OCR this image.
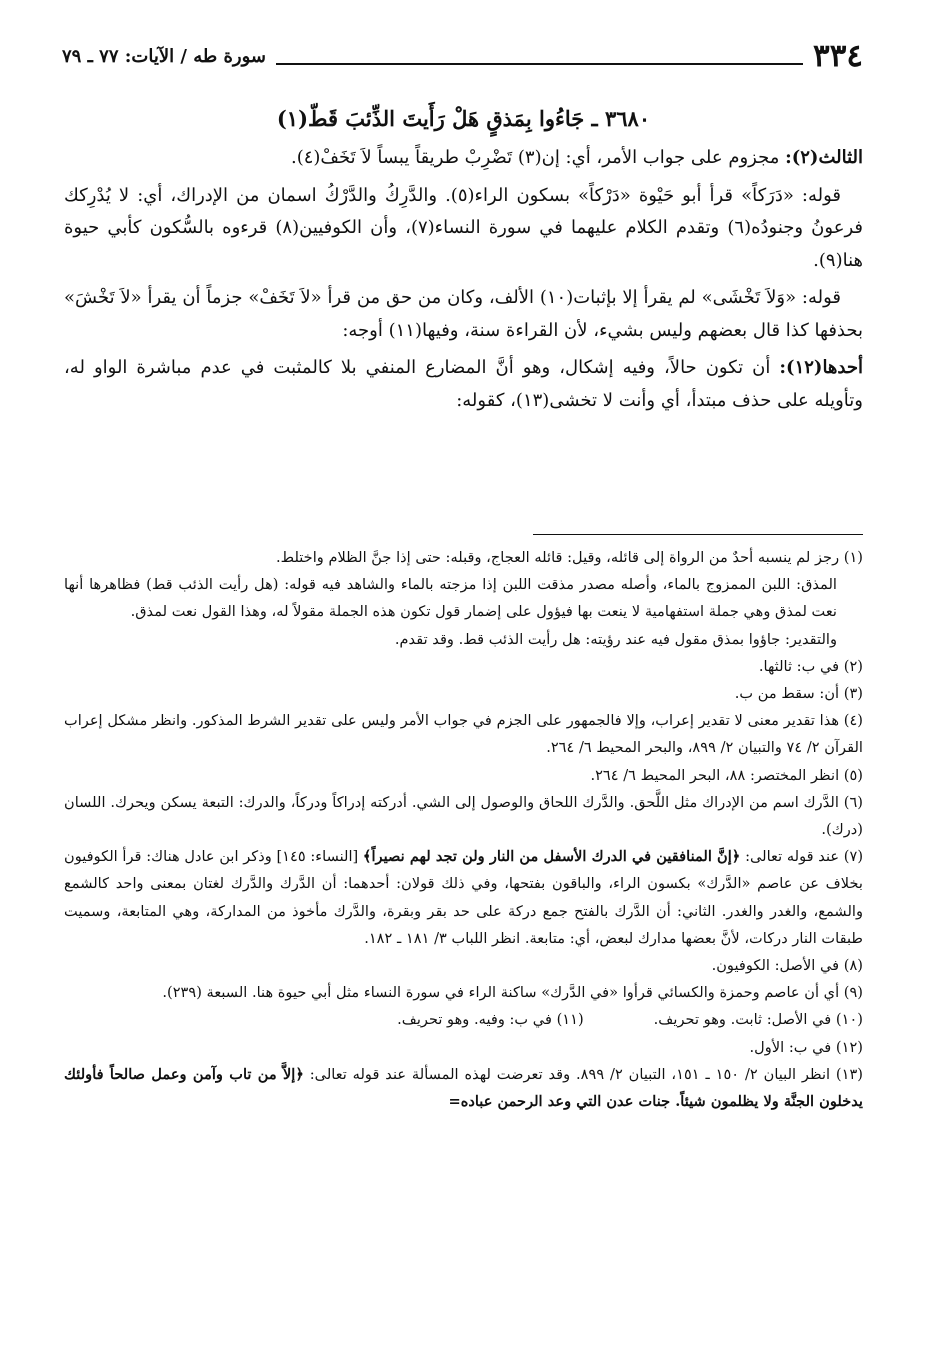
٣٣٤
سورة طه / الآيات: ٧٧ ـ ٧٩
٣٦٨٠ ـ جَاءُوا بِمَذقٍ هَلْ رَأَيتَ الذِّئبَ قَطّ(١)

الثالث(٢): مجزوم على جواب الأمر، أي: إن(٣) تَضْرِبْ طريقاً يبساً لاَ تَخَفْ(٤).

قوله: «دَرَكاً» قرأ أبو حَيْوة «دَرْكاً» بسكون الراء(٥). والدَّرِكُ والدَّرْكُ اسمان من الإدراك، أي: لا يُدْرِكك فرعونُ وجنودُه(٦) وتقدم الكلام عليهما في سورة النساء(٧)، وأن الكوفيين(٨) قرءوه بالسُّكون كأبي حيوة هنا(٩).

قوله: «وَلاَ تَخْشَى» لم يقرأ إلا بإثبات(١٠) الألف، وكان من حق من قرأ «لاَ تَخَفْ» جزماً أن يقرأ «لاَ تَخْشَ» بحذفها كذا قال بعضهم وليس بشيء، لأن القراءة سنة، وفيها(١١) أوجه:

أحدها(١٢): أن تكون حالاً، وفيه إشكال، وهو أنَّ المضارع المنفي بلا كالمثبت في عدم مباشرة الواو له، وتأويله على حذف مبتدأ، أي وأنت لا تخشى(١٣)، كقوله:

(١) رجز لم ينسبه أحدٌ من الرواة إلى قائله، وقيل: قائله العجاج، وقبله: حتى إذا جنَّ الظلام واختلط.

المذق: اللبن الممزوج بالماء، وأصله مصدر مذقت اللبن إذا مزجته بالماء والشاهد فيه قوله: (هل رأيت الذئب قط) فظاهرها أنها نعت لمذق وهي جملة استفهامية لا ينعت بها فيؤول على إضمار قول تكون هذه الجملة مقولاً له، وهذا القول نعت لمذق.

والتقدير: جاؤوا بمذق مقول فيه عند رؤيته: هل رأيت الذئب قط. وقد تقدم.

(٢) في ب: ثالثها.

(٣) أن: سقط من ب.

(٤) هذا تقدير معنى لا تقدير إعراب، وإلا فالجمهور على الجزم في جواب الأمر وليس على تقدير الشرط المذكور. وانظر مشكل إعراب القرآن ٢/ ٧٤ والتبيان ٢/ ٨٩٩، والبحر المحيط ٦/ ٢٦٤.

(٥) انظر المختصر: ٨٨، البحر المحيط ٦/ ٢٦٤.

(٦) الدَّرك اسم من الإدراك مثل اللَّحق. والدَّرك اللحاق والوصول إلى الشي. أدركته إدراكاً ودركاً، والدرك: التبعة يسكن ويحرك. اللسان (درك).

(٧) عند قوله تعالى: ﴿إنَّ المنافقين في الدرك الأسفل من النار ولن تجد لهم نصيراً﴾ [النساء: ١٤٥] وذكر ابن عادل هناك: قرأ الكوفيون بخلاف عن عاصم «الدَّرك» بكسون الراء، والباقون بفتحها، وفي ذلك قولان: أحدهما: أن الدَّرك والدَّرك لغتان بمعنى واحد كالشمع والشمع، والغدر والغدر. الثاني: أن الدَّرك بالفتح جمع دركة على حد بقر وبقرة، والدَّرك مأخوذ من المداركة، وهي المتابعة، وسميت طبقات النار دركات، لأنَّ بعضها مدارك لبعض، أي: متابعة. انظر اللباب ٣/ ١٨١ ـ ١٨٢.

(٨) في الأصل: الكوفيون.

(٩) أي أن عاصم وحمزة والكسائي قرأوا «في الدَّرك» ساكنة الراء في سورة النساء مثل أبي حيوة هنا. السبعة (٢٣٩).

(١٠) في الأصل: ثابت. وهو تحريف.
(١١) في ب: وفيه. وهو تحريف.

(١٢) في ب: الأول.

(١٣) انظر البيان ٢/ ١٥٠ ـ ١٥١، التبيان ٢/ ٨٩٩. وقد تعرضت لهذه المسألة عند قوله تعالى: ﴿إلاَّ من تاب وآمن وعمل صالحاً فأولئك يدخلون الجنَّة ولا يظلمون شيئاً. جنات عدن التي وعد الرحمن عباده=
